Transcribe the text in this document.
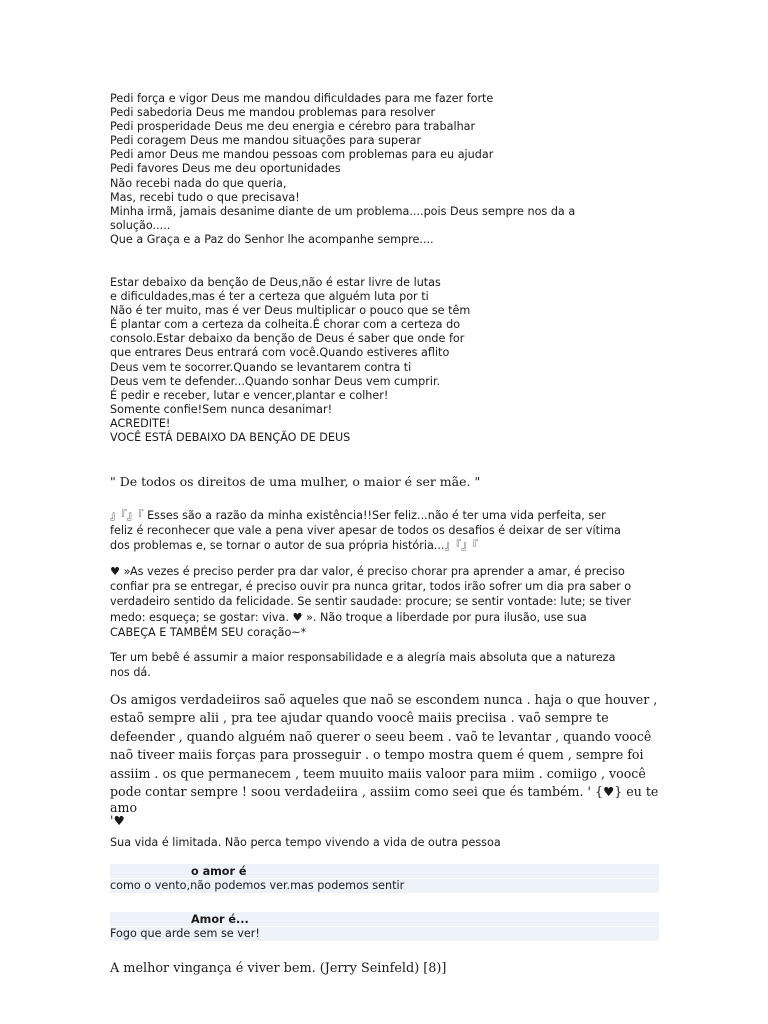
Pedi força e vigor Deus me mandou dificuldades para me fazer forte
Pedi sabedoria Deus me mandou problemas para resolver
Pedi prosperidade Deus me deu energia e cérebro para trabalhar
Pedi coragem Deus me mandou situações para superar
Pedi amor Deus me mandou pessoas com problemas para eu ajudar
Pedi favores Deus me deu oportunidades
Não recebi nada do que queria,
Mas, recebi tudo o que precisava!
Minha irmã, jamais desanime diante de um problema....pois Deus sempre nos da a
solução.....
Que a Graça e a Paz do Senhor lhe acompanhe sempre....
Estar debaixo da benção de Deus,não é estar livre de lutas
e dificuldades,mas é ter a certeza que alguém luta por ti
Não é ter muito, mas é ver Deus multiplicar o pouco que se têm
É plantar com a certeza da colheita.É chorar com a certeza do
consolo.Estar debaixo da benção de Deus é saber que onde for
que entrares Deus entrará com você.Quando estiveres aflito
Deus vem te socorrer.Quando se levantarem contra ti
Deus vem te defender...Quando sonhar Deus vem cumprir.
É pedir e receber, lutar e vencer,plantar e colher!
Somente confie!Sem nunca desanimar!
ACREDITE!
VOCÊ ESTÁ DEBAIXO DA BENÇÃO DE DEUS
" De todos os direitos de uma mulher, o maior é ser mãe. "
』『』『 Esses são a razão da minha existência!!Ser feliz...não é ter uma vida perfeita, ser
feliz é reconhecer que vale a pena viver apesar de todos os desafios é deixar de ser vítima
dos problemas e, se tornar o autor de sua própria história...』『』『
♥ »As vezes é preciso perder pra dar valor, é preciso chorar pra aprender a amar, é preciso
confiar pra se entregar, é preciso ouvir pra nunca gritar, todos irão sofrer um dia pra saber o
verdadeiro sentido da felicidade. Se sentir saudade: procure; se sentir vontade: lute; se tiver
medo: esqueça; se gostar: viva. ♥ ». Não troque a liberdade por pura ilusão, use sua
CABEÇA E TAMBÉM SEU coração~*
Ter um bebê é assumir a maior responsabilidade e a alegría mais absoluta que a natureza
nos dá.
Os amigos verdadeiiros saõ aqueles que naõ se escondem nunca . haja o que houver ,
estaõ sempre alii , pra tee ajudar quando voocê maiis preciisa . vaõ sempre te
defeender , quando alguém naõ querer o seeu beem . vaõ te levantar , quando voocê
naõ tiveer maiis forças para prosseguir . o tempo mostra quem é quem , sempre foi
assiim . os que permanecem , teem muuito maiis valoor para miim . comiigo , voocê
pode contar sempre ! soou verdadeiira , assiim como seei que és também. ' {♥} eu te
amo
'♥
Sua vida é limitada. Não perca tempo vivendo a vida de outra pessoa
o amor é
como o vento,não podemos ver.mas podemos sentir
Amor é...
Fogo que arde sem se ver!
A melhor vingança é viver bem. (Jerry Seinfeld) [8)]
